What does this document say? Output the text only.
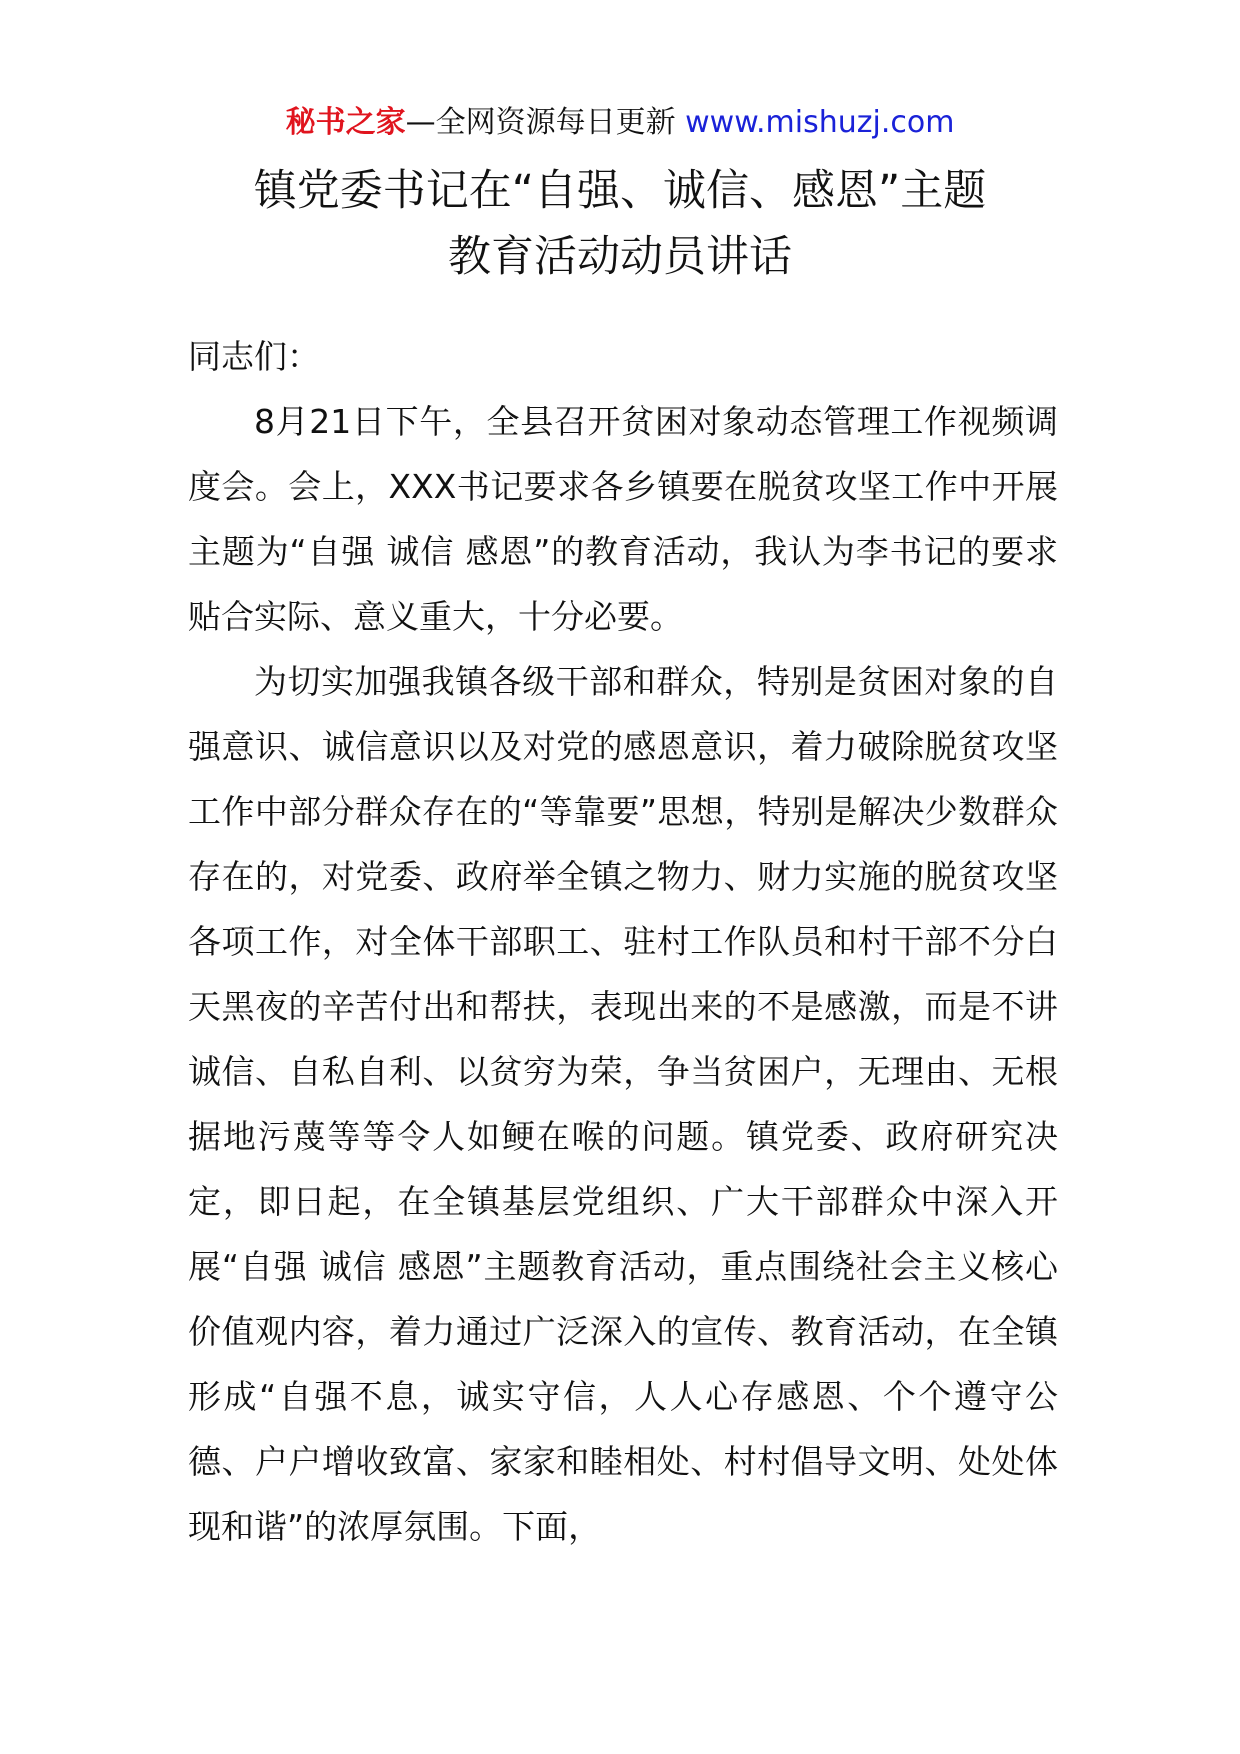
秘书之家—全网资源每日更新 www.mishuzj.com
镇党委书记在“自强、诚信、感恩”主题
教育活动动员讲话

同志们：

8月21日下午，全县召开贫困对象动态管理工作视频调度会。会上，XXX书记要求各乡镇要在脱贫攻坚工作中开展主题为“自强 诚信 感恩”的教育活动，我认为李书记的要求贴合实际、意义重大，十分必要。

为切实加强我镇各级干部和群众，特别是贫困对象的自强意识、诚信意识以及对党的感恩意识，着力破除脱贫攻坚工作中部分群众存在的“等靠要”思想，特别是解决少数群众存在的，对党委、政府举全镇之物力、财力实施的脱贫攻坚各项工作，对全体干部职工、驻村工作队员和村干部不分白天黑夜的辛苦付出和帮扶，表现出来的不是感激，而是不讲诚信、自私自利、以贫穷为荣，争当贫困户，无理由、无根据地污蔑等等令人如鲠在喉的问题。镇党委、政府研究决定，即日起，在全镇基层党组织、广大干部群众中深入开展“自强 诚信 感恩”主题教育活动，重点围绕社会主义核心价值观内容，着力通过广泛深入的宣传、教育活动，在全镇形成“自强不息，诚实守信，人人心存感恩、个个遵守公德、户户增收致富、家家和睦相处、村村倡导文明、处处体现和谐”的浓厚氛围。下面，
